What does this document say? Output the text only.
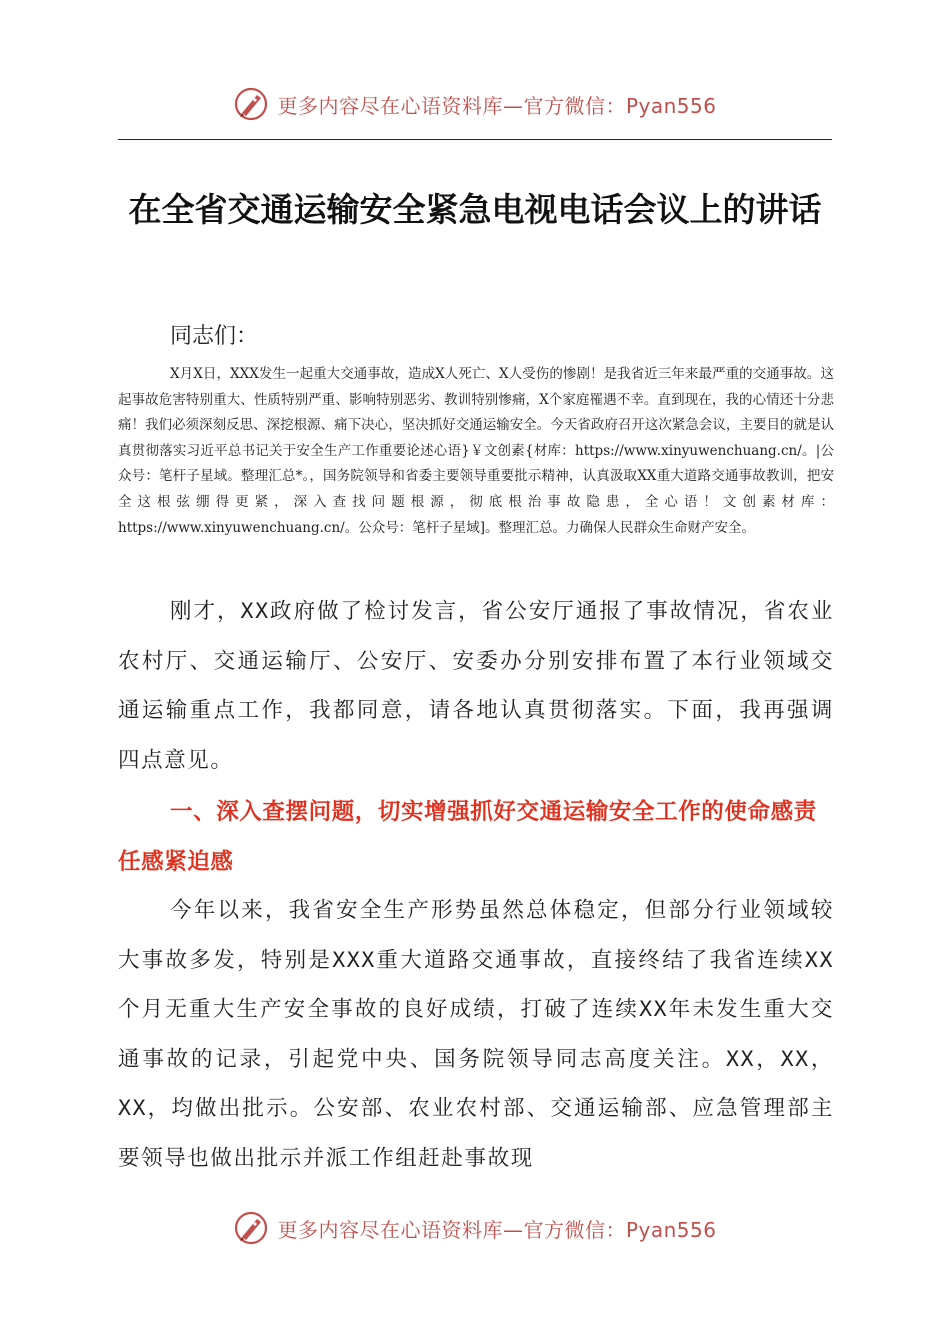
更多内容尽在心语资料库—官方微信：Pyan556
在全省交通运输安全紧急电视电话会议上的讲话
同志们：
X月X日，XXX发生一起重大交通事故，造成X人死亡、X人受伤的惨剧！是我省近三年来最严重的交通事故。这起事故危害特别重大、性质特别严重、影响特别恶劣、教训特别惨痛，X个家庭罹遇不幸。直到现在，我的心情还十分悲痛！我们必须深刻反思、深挖根源、痛下决心，坚决抓好交通运输安全。今天省政府召开这次紧急会议，主要目的就是认真贯彻落实习近平总书记关于安全生产工作重要论述心语}￥文创素{材库：https://www.xinyuwenchuang.cn/。|公众号：笔杆子星域。整理汇总*。，国务院领导和省委主要领导重要批示精神，认真汲取XX重大道路交通事故教训，把安全这根弦绷得更紧，深入查找问题根源，彻底根治事故隐患，全心语！文创素材库：https://www.xinyuwenchuang.cn/。公众号：笔杆子星域]。整理汇总。力确保人民群众生命财产安全。
刚才，XX政府做了检讨发言，省公安厅通报了事故情况，省农业农村厅、交通运输厅、公安厅、安委办分别安排布置了本行业领域交通运输重点工作，我都同意，请各地认真贯彻落实。下面，我再强调四点意见。
一、深入查摆问题，切实增强抓好交通运输安全工作的使命感责任感紧迫感
今年以来，我省安全生产形势虽然总体稳定，但部分行业领域较大事故多发，特别是XXX重大道路交通事故，直接终结了我省连续XX个月无重大生产安全事故的良好成绩，打破了连续XX年未发生重大交通事故的记录，引起党中央、国务院领导同志高度关注。XX，XX，XX，均做出批示。公安部、农业农村部、交通运输部、应急管理部主要领导也做出批示并派工作组赶赴事故现
更多内容尽在心语资料库—官方微信：Pyan556
